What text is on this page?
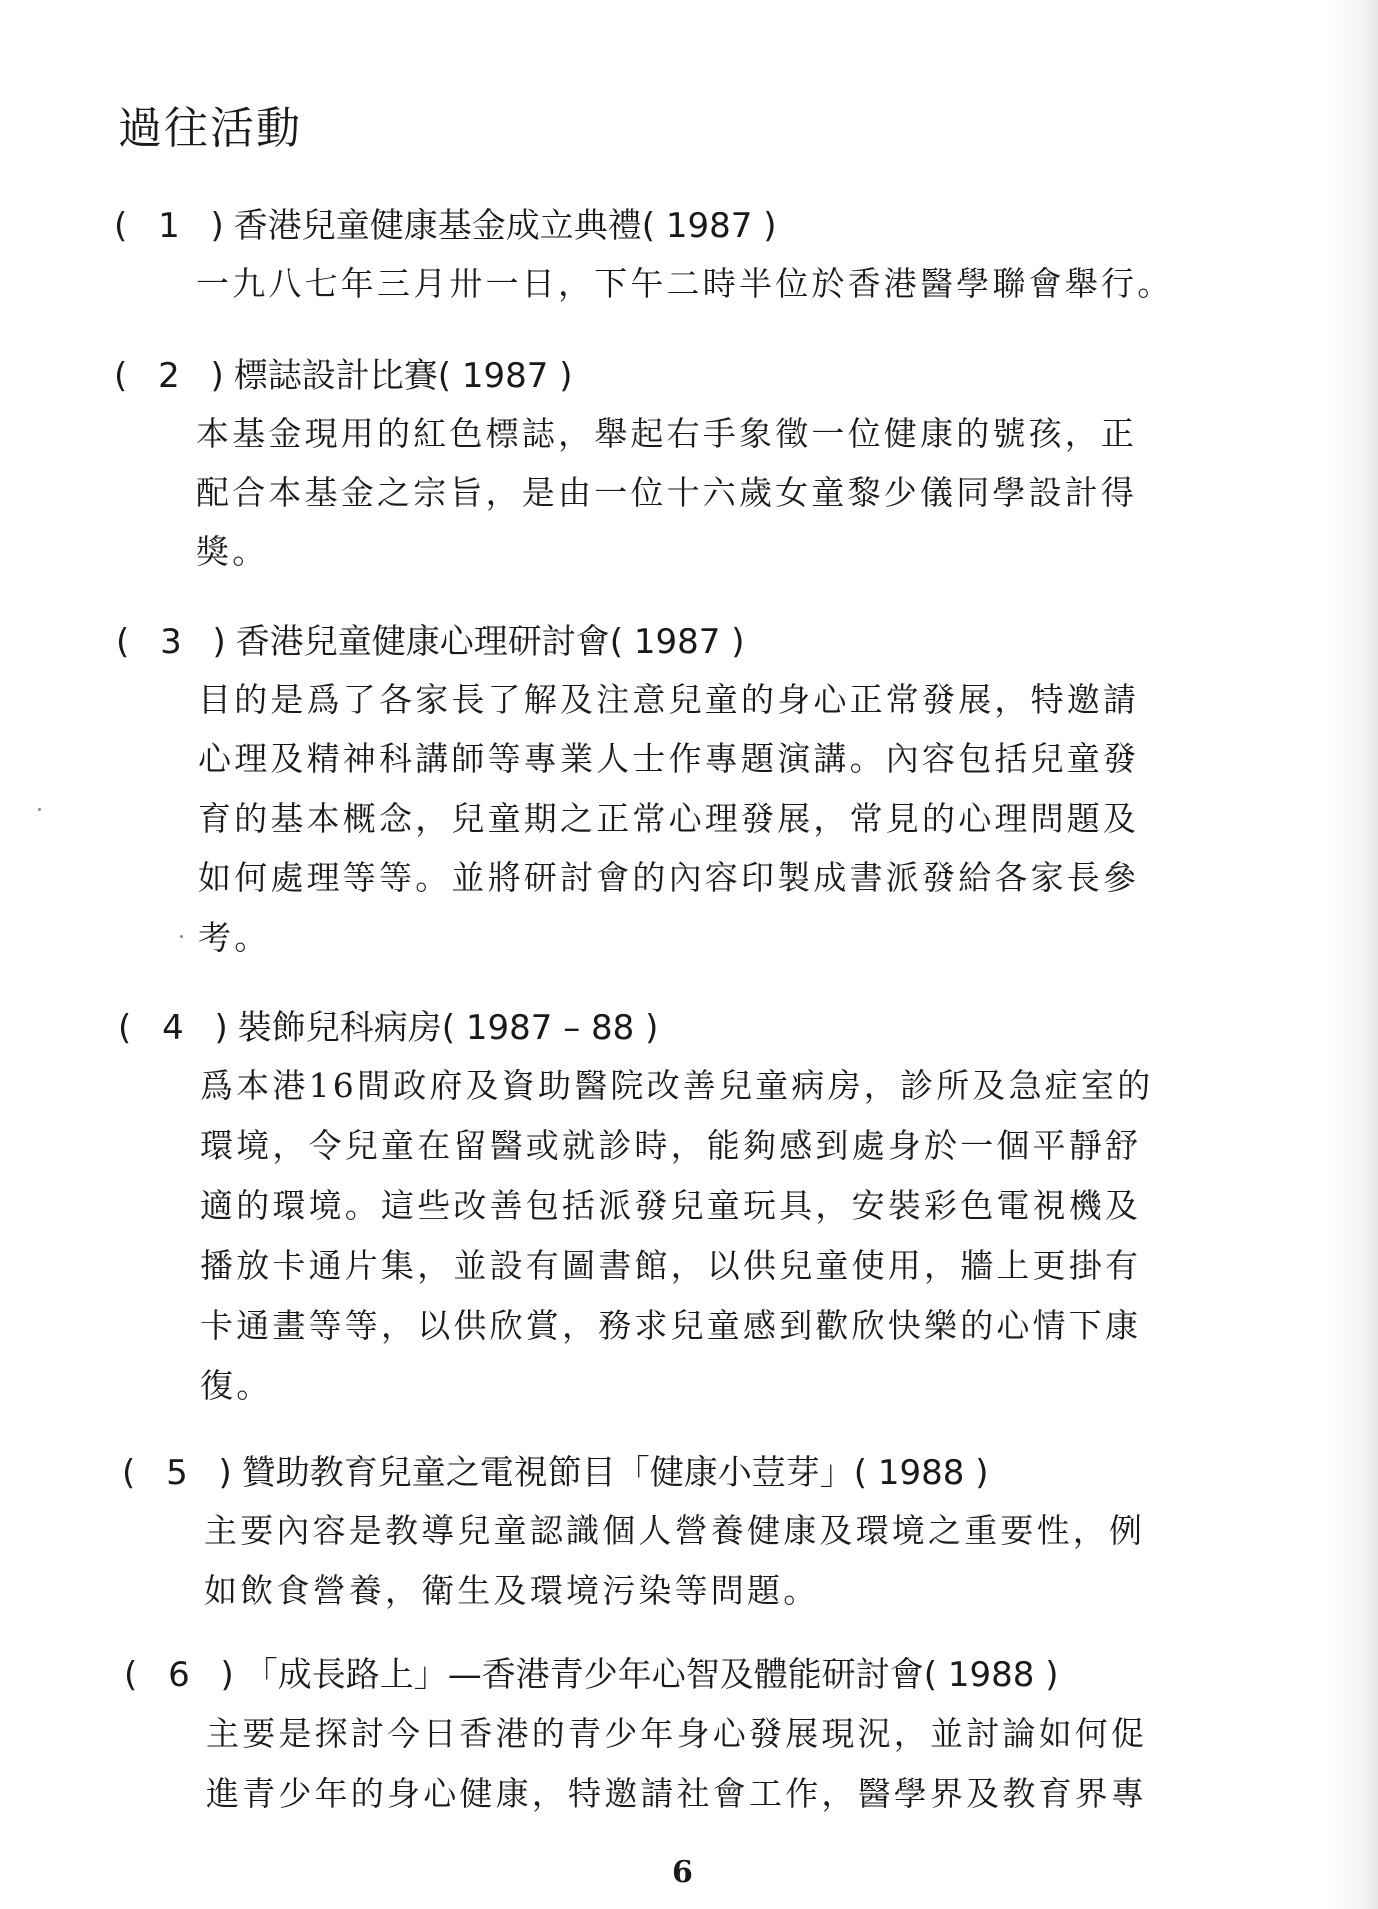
過往活動
( 1 )香港兒童健康基金成立典禮( 1987 )
一九八七年三月卅一日，下午二時半位於香港醫學聯會舉行。
( 2 )標誌設計比賽( 1987 )
本基金現用的紅色標誌，舉起右手象徵一位健康的號孩，正
配合本基金之宗旨，是由一位十六歲女童黎少儀同學設計得
獎。
( 3 )香港兒童健康心理研討會( 1987 )
目的是爲了各家長了解及注意兒童的身心正常發展，特邀請
心理及精神科講師等專業人士作專題演講。內容包括兒童發
育的基本概念，兒童期之正常心理發展，常見的心理問題及
如何處理等等。並將研討會的內容印製成書派發給各家長參
考。
( 4 )裝飾兒科病房( 1987 – 88 )
爲本港16間政府及資助醫院改善兒童病房，診所及急症室的
環境，令兒童在留醫或就診時，能夠感到處身於一個平靜舒
適的環境。這些改善包括派發兒童玩具，安裝彩色電視機及
播放卡通片集，並設有圖書館，以供兒童使用，牆上更掛有
卡通畫等等，以供欣賞，務求兒童感到歡欣快樂的心情下康
復。
( 5 )贊助教育兒童之電視節目「健康小荳芽」( 1988 )
主要內容是教導兒童認識個人營養健康及環境之重要性，例
如飲食營養，衛生及環境污染等問題。
( 6 )「成長路上」—香港青少年心智及體能研討會( 1988 )
主要是探討今日香港的青少年身心發展現況，並討論如何促
進青少年的身心健康，特邀請社會工作，醫學界及教育界專
6
